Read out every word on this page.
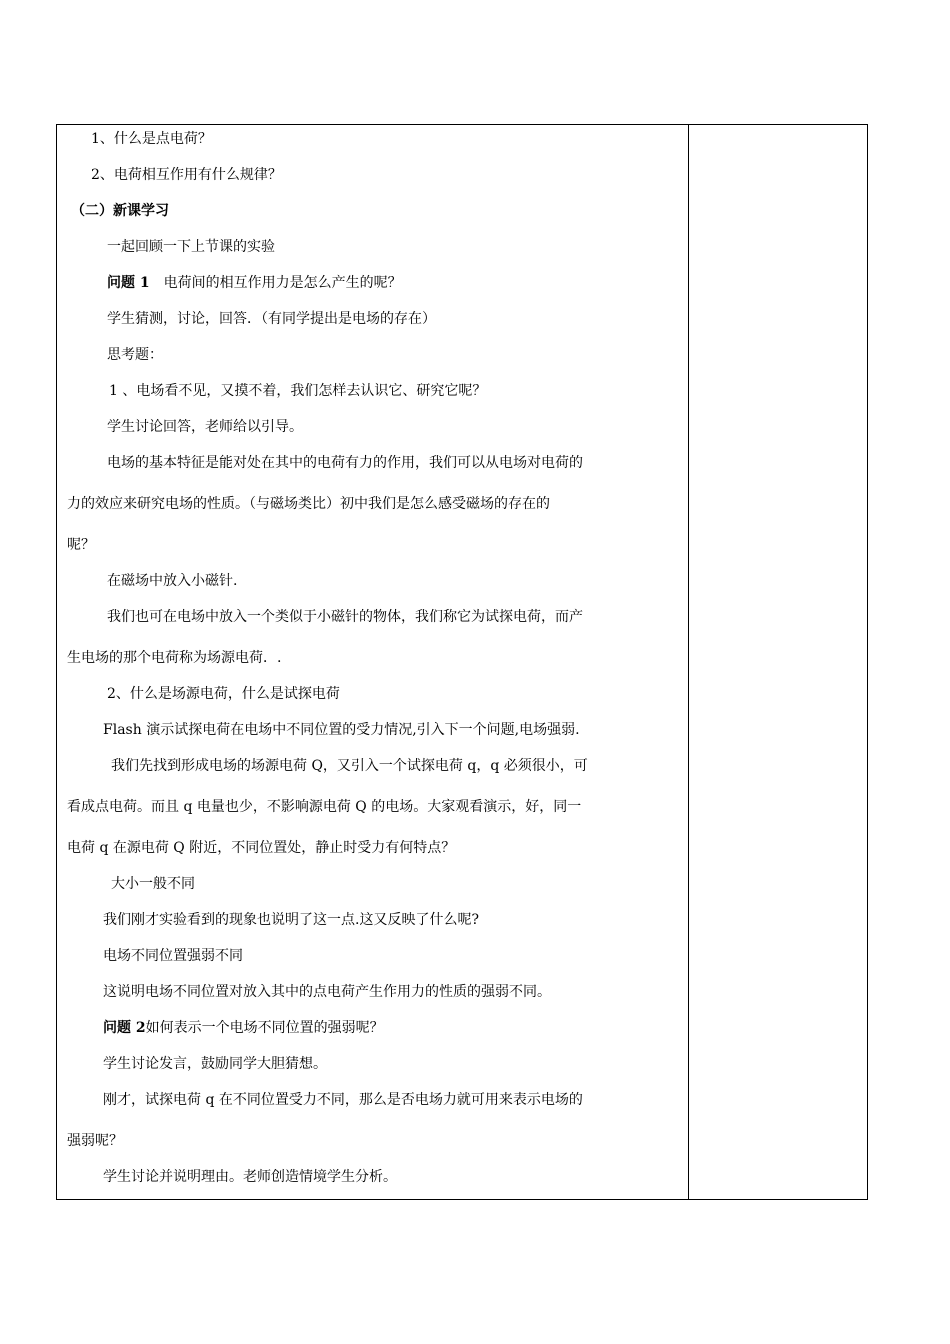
1、什么是点电荷？
2、电荷相互作用有什么规律？
（二）新课学习
一起回顾一下上节课的实验
问题 1　电荷间的相互作用力是怎么产生的呢？
学生猜测，讨论，回答．（有同学提出是电场的存在）
思考题：
1 、电场看不见，又摸不着，我们怎样去认识它、研究它呢？
学生讨论回答，老师给以引导。
电场的基本特征是能对处在其中的电荷有力的作用，我们可以从电场对电荷的
力的效应来研究电场的性质。（与磁场类比）初中我们是怎么感受磁场的存在的
呢？
在磁场中放入小磁针.
我们也可在电场中放入一个类似于小磁针的物体，我们称它为试探电荷，而产
生电场的那个电荷称为场源电荷．.
2、什么是场源电荷，什么是试探电荷
Flash 演示试探电荷在电场中不同位置的受力情况,引入下一个问题,电场强弱.
我们先找到形成电场的场源电荷 Q，又引入一个试探电荷 q，q 必须很小，可
看成点电荷。而且 q 电量也少，不影响源电荷 Q 的电场。大家观看演示，好，同一
电荷 q 在源电荷 Q 附近，不同位置处，静止时受力有何特点？
大小一般不同
我们刚才实验看到的现象也说明了这一点.这又反映了什么呢?
电场不同位置强弱不同
这说明电场不同位置对放入其中的点电荷产生作用力的性质的强弱不同。
问题 2如何表示一个电场不同位置的强弱呢？
学生讨论发言，鼓励同学大胆猜想。
刚才，试探电荷 q 在不同位置受力不同，那么是否电场力就可用来表示电场的
强弱呢？
学生讨论并说明理由。老师创造情境学生分析。
